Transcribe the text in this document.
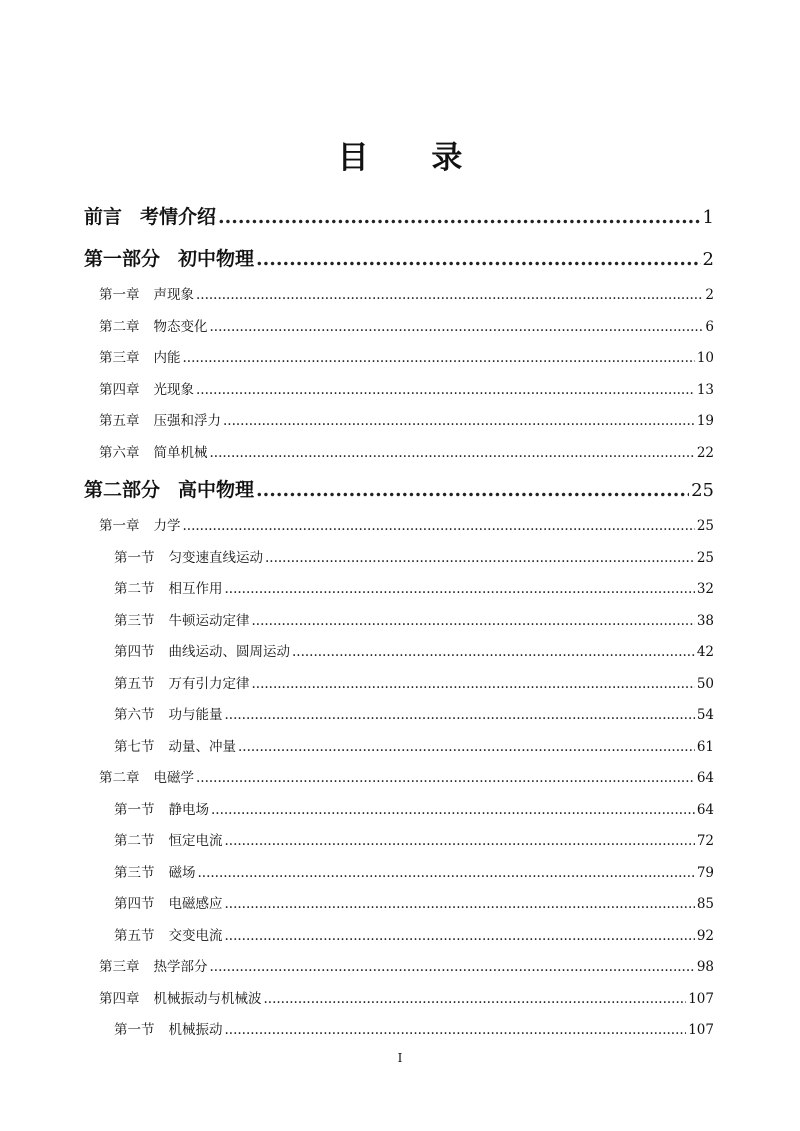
目 录
前言 考情介绍 .....	1
第一部分 初中物理 .....	2
第一章 声现象 .....	2
第二章 物态变化 .....	6
第三章 内能 .....	10
第四章 光现象 .....	13
第五章 压强和浮力 .....	19
第六章 简单机械 .....	22
第二部分 高中物理 .....	25
第一章 力学 .....	25
第一节 匀变速直线运动 .....	25
第二节 相互作用 .....	32
第三节 牛顿运动定律 .....	38
第四节 曲线运动、圆周运动 .....	42
第五节 万有引力定律 .....	50
第六节 功与能量 .....	54
第七节 动量、冲量 .....	61
第二章 电磁学 .....	64
第一节 静电场 .....	64
第二节 恒定电流 .....	72
第三节 磁场 .....	79
第四节 电磁感应 .....	85
第五节 交变电流 .....	92
第三章 热学部分 .....	98
第四章 机械振动与机械波 .....	107
第一节 机械振动 .....	107
I
